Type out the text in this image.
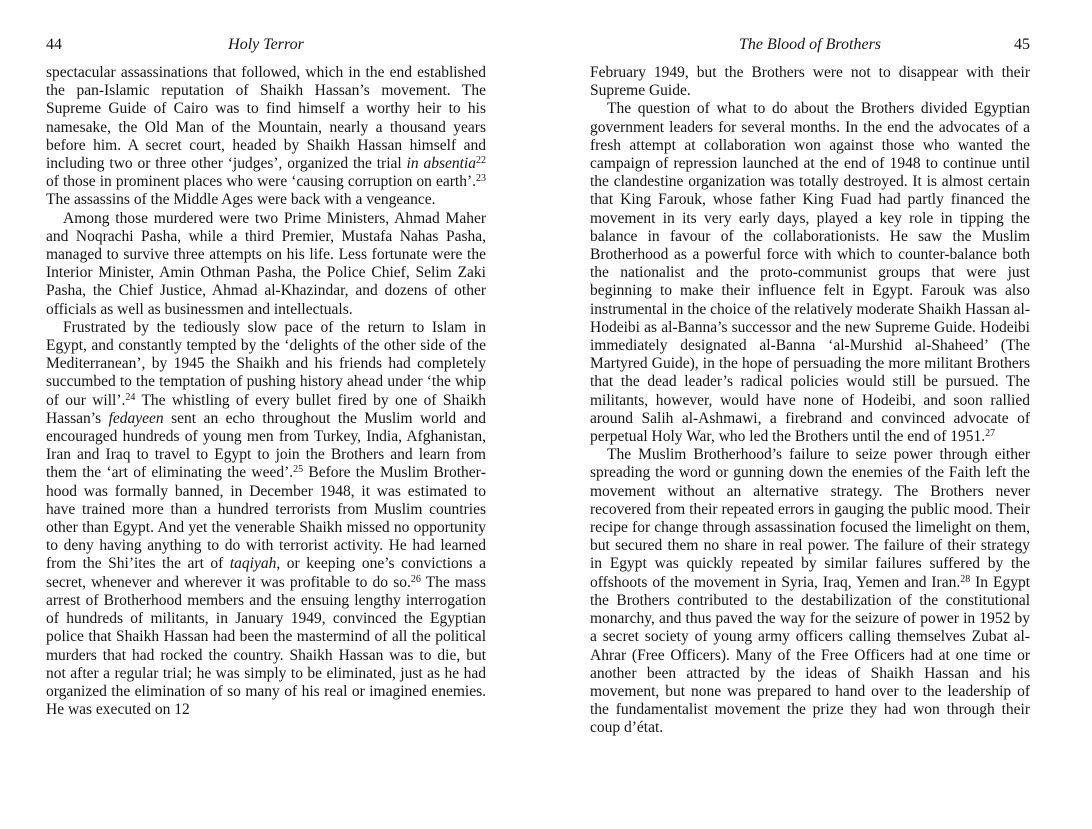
Holy Terror
44

spectacular assassinations that followed, which in the end established the pan-Islamic reputation of Shaikh Hassan’s movement. The Supreme Guide of Cairo was to find himself a worthy heir to his namesake, the Old Man of the Mountain, nearly a thousand years before him. A secret court, headed by Shaikh Hassan himself and including two or three other ‘judges’, organized the trial in absentia$^{22}$ of those in prominent places who were ‘causing corruption on earth’.$^{23}$ The assassins of the Middle Ages were back with a vengeance.

Among those murdered were two Prime Ministers, Ahmad Maher and Noqrachi Pasha, while a third Premier, Mustafa Nahas Pasha, managed to survive three attempts on his life. Less fortunate were the Interior Minister, Amin Othman Pasha, the Police Chief, Selim Zaki Pasha, the Chief Justice, Ahmad al-Khazindar, and dozens of other officials as well as businessmen and intellectuals.

Frustrated by the tediously slow pace of the return to Islam in Egypt, and constantly tempted by the ‘delights of the other side of the Mediterranean’, by 1945 the Shaikh and his friends had completely succumbed to the temptation of pushing history ahead under ‘the whip of our will’.$^{24}$ The whistling of every bullet fired by one of Shaikh Hassan’s fedayeen sent an echo throughout the Muslim world and encouraged hundreds of young men from Turkey, India, Afghanistan, Iran and Iraq to travel to Egypt to join the Brothers and learn from them the ‘art of eliminating the weed’.$^{25}$ Before the Muslim Brotherhood was formally banned, in December 1948, it was estimated to have trained more than a hundred terrorists from Muslim countries other than Egypt. And yet the venerable Shaikh missed no opportunity to deny having anything to do with terrorist activity. He had learned from the Shi’ites the art of taqiyah, or keeping one’s convictions a secret, whenever and wherever it was profitable to do so.$^{26}$ The mass arrest of Brotherhood members and the ensuing lengthy interrogation of hundreds of militants, in January 1949, convinced the Egyptian police that Shaikh Hassan had been the mastermind of all the political murders that had rocked the country. Shaikh Hassan was to die, but not after a regular trial; he was simply to be eliminated, just as he had organized the elimination of so many of his real or imagined enemies. He was executed on 12

The Blood of Brothers	45

February 1949, but the Brothers were not to disappear with their Supreme Guide.

The question of what to do about the Brothers divided Egyptian government leaders for several months. In the end the advocates of a fresh attempt at collaboration won against those who wanted the campaign of repression launched at the end of 1948 to continue until the clandestine organization was totally destroyed. It is almost certain that King Farouk, whose father King Fuad had partly financed the movement in its very early days, played a key role in tipping the balance in favour of the collaborationists. He saw the Muslim Brotherhood as a powerful force with which to counter-balance both the nationalist and the proto-communist groups that were just beginning to make their influence felt in Egypt. Farouk was also instrumental in the choice of the relatively moderate Shaikh Hassan al-Hodeibi as al-Banna’s successor and the new Supreme Guide. Hodeibi immediately designated al-Banna ‘al-Murshid al-Shaheed’ (The Martyred Guide), in the hope of persuading the more militant Brothers that the dead leader’s radical policies would still be pursued. The militants, however, would have none of Hodeibi, and soon rallied around Salih al-Ashmawi, a firebrand and convinced advocate of perpetual Holy War, who led the Brothers until the end of 1951.27

The Muslim Brotherhood’s failure to seize power through either spreading the word or gunning down the enemies of the Faith left the movement without an alternative strategy. The Brothers never recovered from their repeated errors in gauging the public mood. Their recipe for change through assassination focused the limelight on them, but secured them no share in real power. The failure of their strategy in Egypt was quickly repeated by similar failures suffered by the offshoots of the movement in Syria, Iraq, Yemen and Iran.$^{28}$ In Egypt the Brothers contributed to the destabilization of the constitutional monarchy, and thus paved the way for the seizure of power in 1952 by a secret society of young army officers calling themselves Zubat al-Ahrar (Free Officers). Many of the Free Officers had at one time or another been attracted by the ideas of Shaikh Hassan and his movement, but none was prepared to hand over to the leadership of the fundamentalist movement the prize they had won through their coup d’état.
